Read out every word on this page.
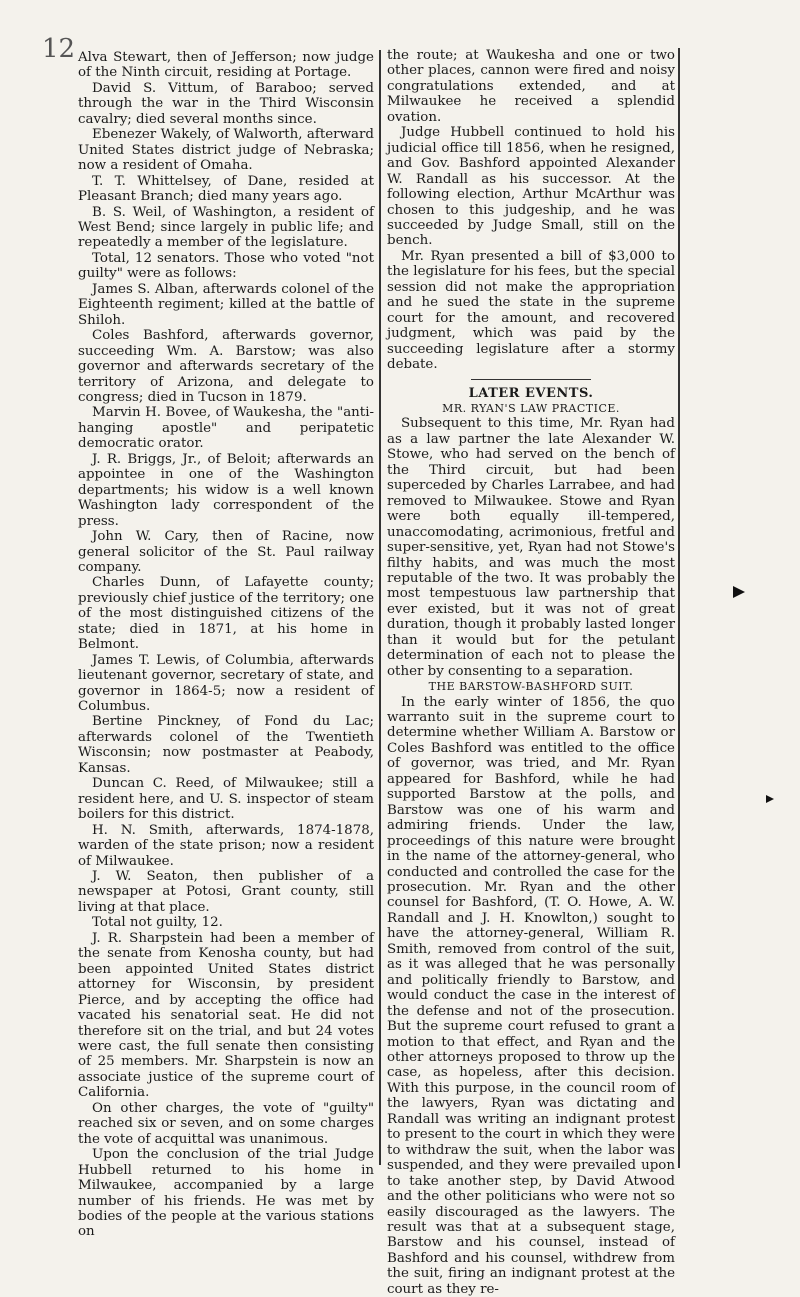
12 Alva Stewart, then of Jefferson; now judge of the Ninth circuit, residing at Portage.

David S. Vittum, of Baraboo; served through the war in the Third Wisconsin cavalry; died several months since.

Ebenezer Wakely, of Walworth, afterward United States district judge of Nebraska; now a resident of Omaha.

T. T. Whittelsey, of Dane, resided at Pleasant Branch; died many years ago.

B. S. Weil, of Washington, a resident of West Bend; since largely in public life; and repeatedly a member of the legislature.

Total, 12 senators. Those who voted "not guilty" were as follows:

James S. Alban, afterwards colonel of the Eighteenth regiment; killed at the battle of Shiloh.

Coles Bashford, afterwards governor, succeeding Wm. A. Barstow; was also governor and afterwards secretary of the territory of Arizona, and delegate to congress; died in Tucson in 1879.

Marvin H. Bovee, of Waukesha, the "anti-hanging apostle" and peripatetic democratic orator.

J. R. Briggs, Jr., of Beloit; afterwards an appointee in one of the Washington departments; his widow is a well known Washington lady correspondent of the press.

John W. Cary, then of Racine, now general solicitor of the St. Paul railway company.

Charles Dunn, of Lafayette county; previously chief justice of the territory; one of the most distinguished citizens of the state; died in 1871, at his home in Belmont.

James T. Lewis, of Columbia, afterwards lieutenant governor, secretary of state, and governor in 1864-5; now a resident of Columbus.

Bertine Pinckney, of Fond du Lac; afterwards colonel of the Twentieth Wisconsin; now postmaster at Peabody, Kansas.

Duncan C. Reed, of Milwaukee; still a resident here, and U. S. inspector of steam boilers for this district.

H. N. Smith, afterwards, 1874-1878, warden of the state prison; now a resident of Milwaukee.

J. W. Seaton, then publisher of a newspaper at Potosi, Grant county, still living at that place.

Total not guilty, 12.

J. R. Sharpstein had been a member of the senate from Kenosha county, but had been appointed United States district attorney for Wisconsin, by president Pierce, and by accepting the office had vacated his senatorial seat. He did not therefore sit on the trial, and but 24 votes were cast, the full senate then consisting of 25 members. Mr. Sharpstein is now an associate justice of the supreme court of California.

On other charges, the vote of "guilty" reached six or seven, and on some charges the vote of acquittal was unanimous.

Upon the conclusion of the trial Judge Hubbell returned to his home in Milwaukee, accompanied by a large number of his friends. He was met by bodies of the people at the various stations on

the route; at Waukesha and one or two other places, cannon were fired and noisy congratulations extended, and at Milwaukee he received a splendid ovation.

Judge Hubbell continued to hold his judicial office till 1856, when he resigned, and Gov. Bashford appointed Alexander W. Randall as his successor. At the following election, Arthur McArthur was chosen to this judgeship, and he was succeeded by Judge Small, still on the bench.

Mr. Ryan presented a bill of $3,000 to the legislature for his fees, but the special session did not make the appropriation and he sued the state in the supreme court for the amount, and recovered judgment, which was paid by the succeeding legislature after a stormy debate.

LATER EVENTS.

MR. RYAN'S LAW PRACTICE.

Subsequent to this time, Mr. Ryan had as a law partner the late Alexander W. Stowe, who had served on the bench of the Third circuit, but had been superceded by Charles Larrabee, and had removed to Milwaukee. Stowe and Ryan were both equally ill-tempered, unaccomodating, acrimonious, fretful and super-sensitive, yet, Ryan had not Stowe's filthy habits, and was much the most reputable of the two. It was probably the most tempestuous law partnership that ever existed, but it was not of great duration, though it probably lasted longer than it would but for the petulant determination of each not to please the other by consenting to a separation.

THE BARSTOW-BASHFORD SUIT.

In the early winter of 1856, the quo warranto suit in the supreme court to determine whether William A. Barstow or Coles Bashford was entitled to the office of governor, was tried, and Mr. Ryan appeared for Bashford, while he had supported Barstow at the polls, and Barstow was one of his warm and admiring friends. Under the law, proceedings of this nature were brought in the name of the attorney-general, who conducted and controlled the case for the prosecution. Mr. Ryan and the other counsel for Bashford, (T. O. Howe, A. W. Randall and J. H. Knowlton,) sought to have the attorney-general, William R. Smith, removed from control of the suit, as it was alleged that he was personally and politically friendly to Barstow, and would conduct the case in the interest of the defense and not of the prosecution. But the supreme court refused to grant a motion to that effect, and Ryan and the other attorneys proposed to throw up the case, as hopeless, after this decision. With this purpose, in the council room of the lawyers, Ryan was dictating and Randall was writing an indignant protest to present to the court in which they were to withdraw the suit, when the labor was suspended, and they were prevailed upon to take another step, by David Atwood and the other politicians who were not so easily discouraged as the lawyers. The result was that at a subsequent stage, Barstow and his counsel, instead of Bashford and his counsel, withdrew from the suit, firing an indignant protest at the court as they re-
